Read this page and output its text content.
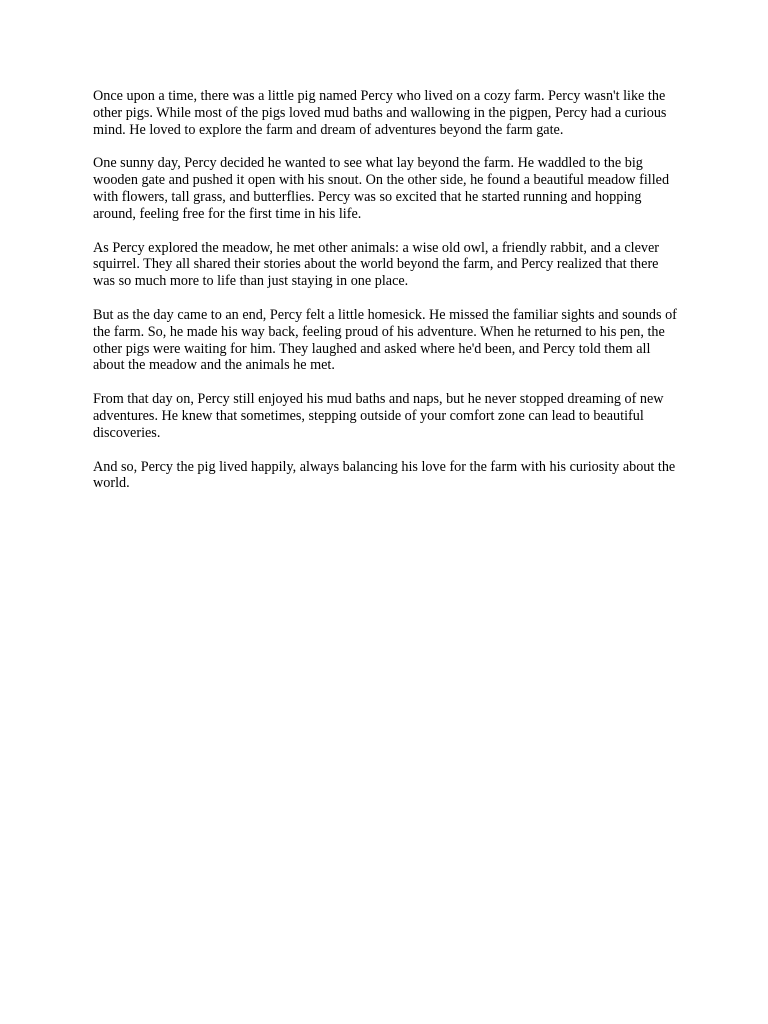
Once upon a time, there was a little pig named Percy who lived on a cozy farm. Percy wasn't like the other pigs. While most of the pigs loved mud baths and wallowing in the pigpen, Percy had a curious mind. He loved to explore the farm and dream of adventures beyond the farm gate.

One sunny day, Percy decided he wanted to see what lay beyond the farm. He waddled to the big wooden gate and pushed it open with his snout. On the other side, he found a beautiful meadow filled with flowers, tall grass, and butterflies. Percy was so excited that he started running and hopping around, feeling free for the first time in his life.

As Percy explored the meadow, he met other animals: a wise old owl, a friendly rabbit, and a clever squirrel. They all shared their stories about the world beyond the farm, and Percy realized that there was so much more to life than just staying in one place.

But as the day came to an end, Percy felt a little homesick. He missed the familiar sights and sounds of the farm. So, he made his way back, feeling proud of his adventure. When he returned to his pen, the other pigs were waiting for him. They laughed and asked where he'd been, and Percy told them all about the meadow and the animals he met.

From that day on, Percy still enjoyed his mud baths and naps, but he never stopped dreaming of new adventures. He knew that sometimes, stepping outside of your comfort zone can lead to beautiful discoveries.

And so, Percy the pig lived happily, always balancing his love for the farm with his curiosity about the world.
